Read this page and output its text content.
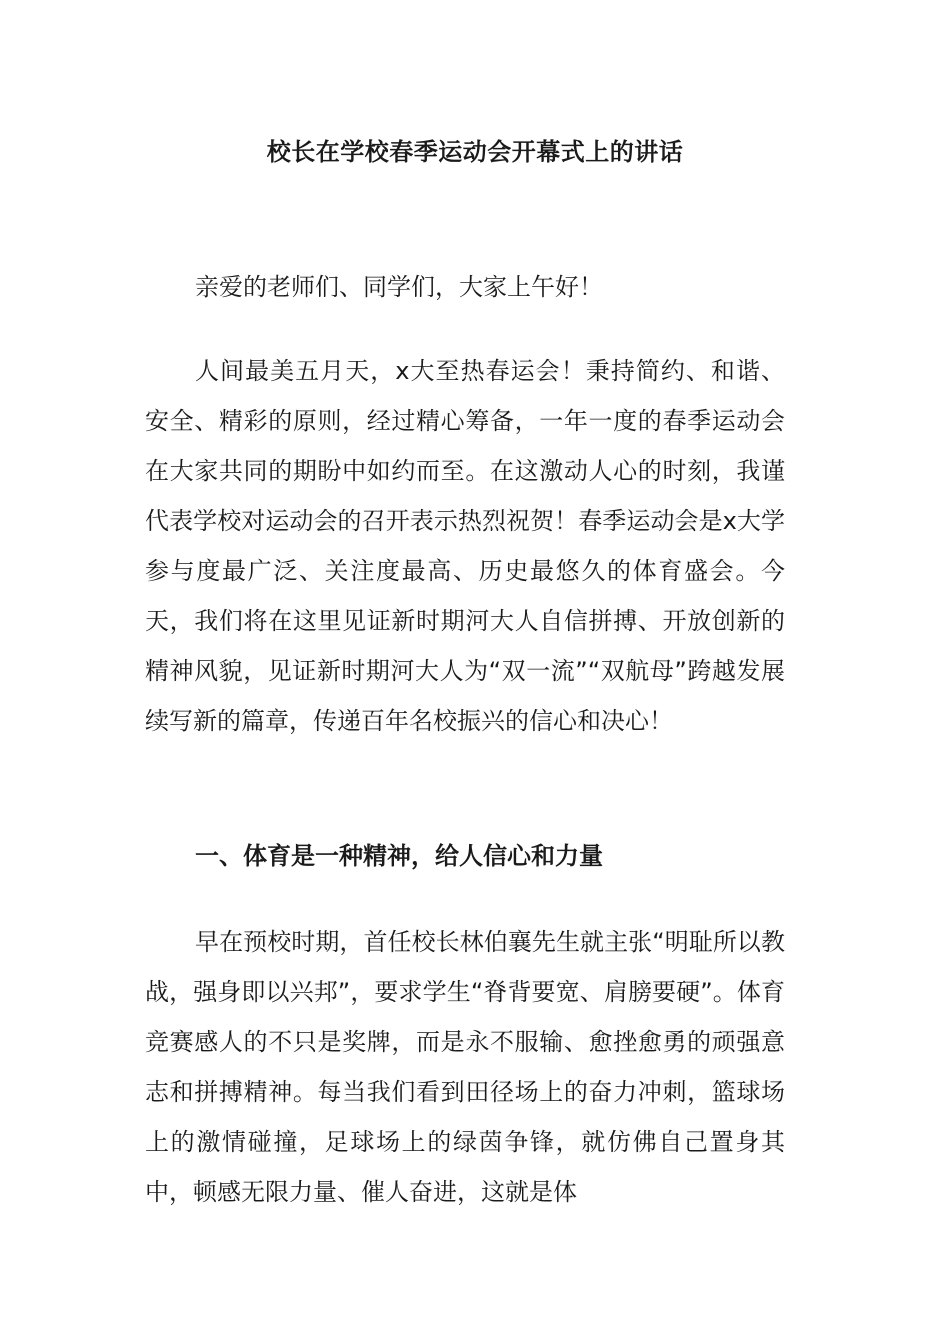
校长在学校春季运动会开幕式上的讲话

亲爱的老师们、同学们，大家上午好！

人间最美五月天，x大至热春运会！秉持简约、和谐、安全、精彩的原则，经过精心筹备，一年一度的春季运动会在大家共同的期盼中如约而至。在这激动人心的时刻，我谨代表学校对运动会的召开表示热烈祝贺！春季运动会是x大学参与度最广泛、关注度最高、历史最悠久的体育盛会。今天，我们将在这里见证新时期河大人自信拼搏、开放创新的精神风貌，见证新时期河大人为“双一流”“双航母”跨越发展续写新的篇章，传递百年名校振兴的信心和决心！

一、体育是一种精神，给人信心和力量

早在预校时期，首任校长林伯襄先生就主张“明耻所以教战，强身即以兴邦”，要求学生“脊背要宽、肩膀要硬”。体育竞赛感人的不只是奖牌，而是永不服输、愈挫愈勇的顽强意志和拼搏精神。每当我们看到田径场上的奋力冲刺，篮球场上的激情碰撞，足球场上的绿茵争锋，就仿佛自己置身其中，顿感无限力量、催人奋进，这就是体
